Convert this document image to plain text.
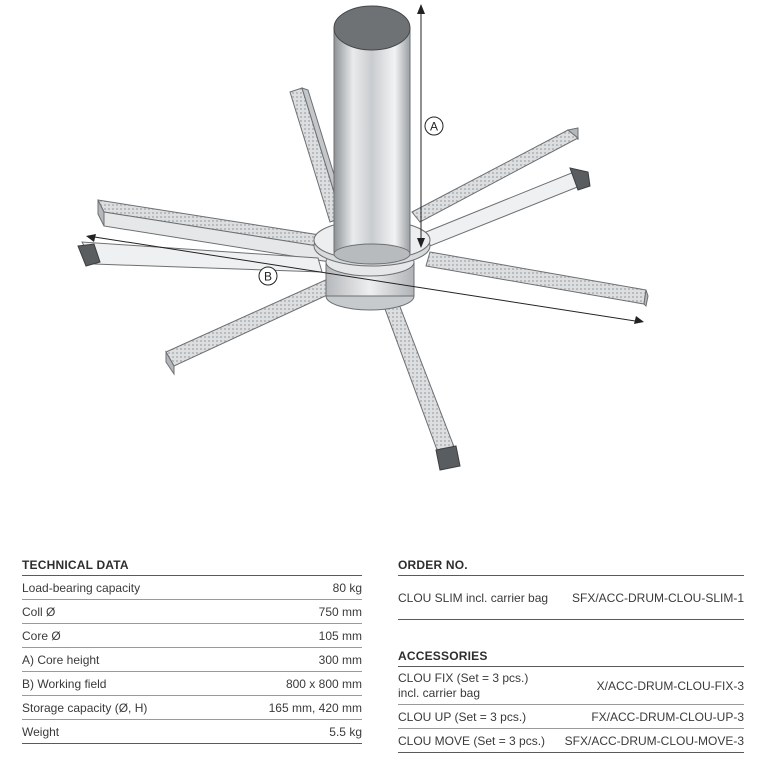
A
B
TECHNICAL DATA
Load-bearing capacity	80 kg
Coll Ø	750 mm
Core Ø	105 mm
A) Core height	300 mm
B) Working field	800 x 800 mm
Storage capacity (Ø, H)	165 mm, 420 mm
Weight	5.5 kg
ORDER NO.
CLOU SLIM incl. carrier bag SFX/ACC-DRUM-CLOU-SLIM-1
ACCESSORIES
CLOU FIX (Set = 3 pcs.) incl. carrier bag	X/ACC-DRUM-CLOU-FIX-3
CLOU UP (Set = 3 pcs.)	FX/ACC-DRUM-CLOU-UP-3
CLOU MOVE (Set = 3 pcs.) SFX/ACC-DRUM-CLOU-MOVE-3
